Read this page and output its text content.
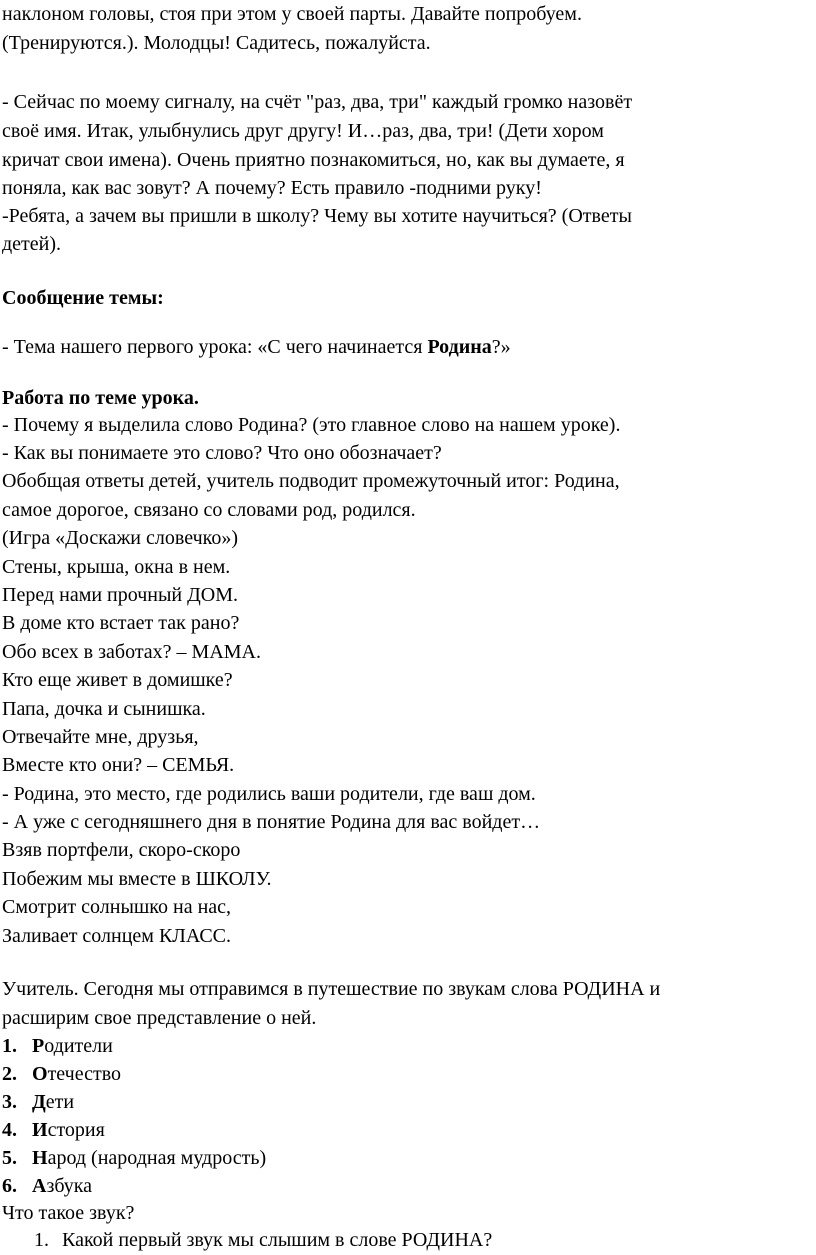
наклоном головы, стоя при этом у своей парты. Давайте попробуем.
(Тренируются.). Молодцы! Садитесь, пожалуйста.
- Сейчас по моему сигналу, на счёт "раз, два, три" каждый громко назовёт
своё имя. Итак, улыбнулись друг другу! И…раз, два, три! (Дети хором
кричат свои имена). Очень приятно познакомиться, но, как вы думаете, я
поняла, как вас зовут? А почему? Есть правило -подними руку!
-Ребята, а зачем вы пришли в школу? Чему вы хотите научиться? (Ответы
детей).
Сообщение темы:
- Тема нашего первого урока: «С чего начинается Родина?»
Работа по теме урока.
- Почему я выделила слово Родина? (это главное слово на нашем уроке).
- Как вы понимаете это слово? Что оно обозначает?
Обобщая ответы детей, учитель подводит промежуточный итог: Родина,
самое дорогое, связано со словами род, родился.
(Игра «Доскажи словечко»)
Стены, крыша, окна в нем.
Перед нами прочный ДОМ.
В доме кто встает так рано?
Обо всех в заботах? – МАМА.
Кто еще живет в домишке?
Папа, дочка и сынишка.
Отвечайте мне, друзья,
Вместе кто они? – СЕМЬЯ.
- Родина, это место, где родились ваши родители, где ваш дом.
- А уже с сегодняшнего дня в понятие Родина для вас войдет…
Взяв портфели, скоро-скоро
Побежим мы вместе в ШКОЛУ.
Смотрит солнышко на нас,
Заливает солнцем КЛАСС.
Учитель. Сегодня мы отправимся в путешествие по звукам слова РОДИНА и
расширим свое представление о ней.
1. Родители
2. Отечество
3. Дети
4. История
5. Народ (народная мудрость)
6. Азбука
Что такое звук?
1. Какой первый звук мы слышим в слове РОДИНА?
